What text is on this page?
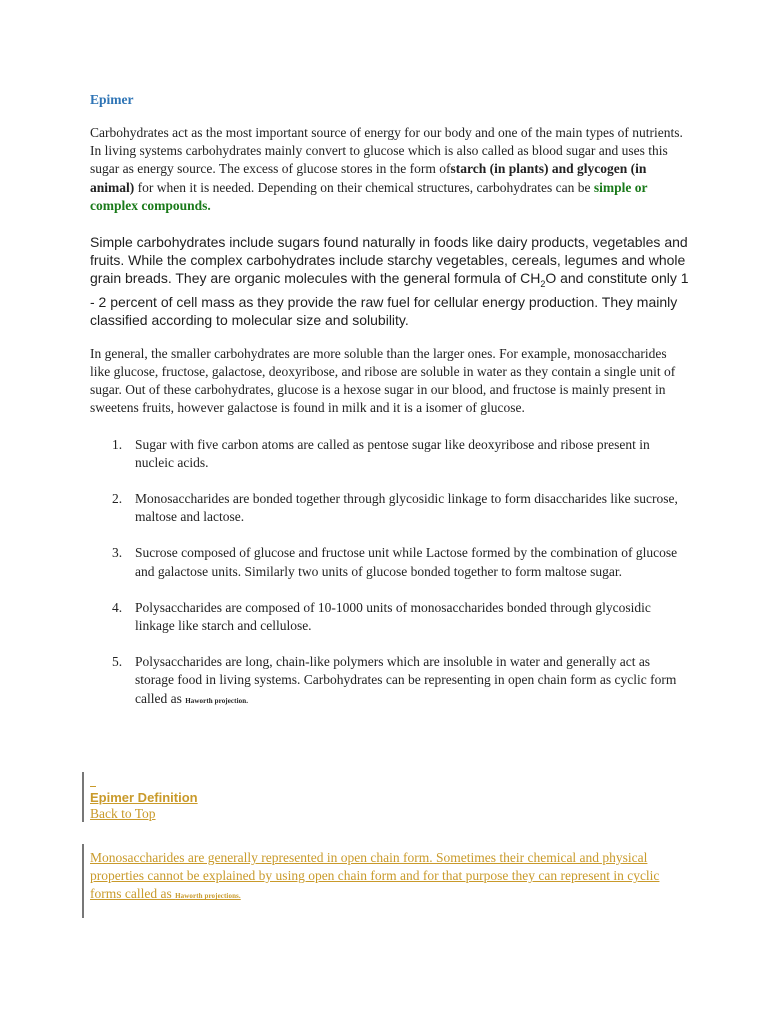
Epimer

Carbohydrates act as the most important source of energy for our body and one of the main types of nutrients. In living systems carbohydrates mainly convert to glucose which is also called as blood sugar and uses this sugar as energy source. The excess of glucose stores in the form ofstarch (in plants) and glycogen (in animal) for when it is needed. Depending on their chemical structures, carbohydrates can be simple or complex compounds.

Simple carbohydrates include sugars found naturally in foods like dairy products, vegetables and fruits. While the complex carbohydrates include starchy vegetables, cereals, legumes and whole grain breads. They are organic molecules with the general formula of $CH_2O$ and constitute only 1 - 2 percent of cell mass as they provide the raw fuel for cellular energy production. They mainly classified according to molecular size and solubility.

In general, the smaller carbohydrates are more soluble than the larger ones. For example, monosaccharides like glucose, fructose, galactose, deoxyribose, and ribose are soluble in water as they contain a single unit of sugar. Out of these carbohydrates, glucose is a hexose sugar in our blood, and fructose is mainly present in sweetens fruits, however galactose is found in milk and it is a isomer of glucose.

1. Sugar with five carbon atoms are called as pentose sugar like deoxyribose and ribose present in nucleic acids.
2. Monosaccharides are bonded together through glycosidic linkage to form disaccharides like sucrose, maltose and lactose.
3. Sucrose composed of glucose and fructose unit while Lactose formed by the combination of glucose and galactose units. Similarly two units of glucose bonded together to form maltose sugar.
4. Polysaccharides are composed of 10-1000 units of monosaccharides bonded through glycosidic linkage like starch and cellulose.
5. Polysaccharides are long, chain-like polymers which are insoluble in water and generally act as storage food in living systems. Carbohydrates can be representing in open chain form as cyclic form called as Haworth projection.
Epimer Definition
Back to Top
Monosaccharides are generally represented in open chain form. Sometimes their chemical and physical properties cannot be explained by using open chain form and for that purpose they can represent in cyclic forms called as Haworth projections.
